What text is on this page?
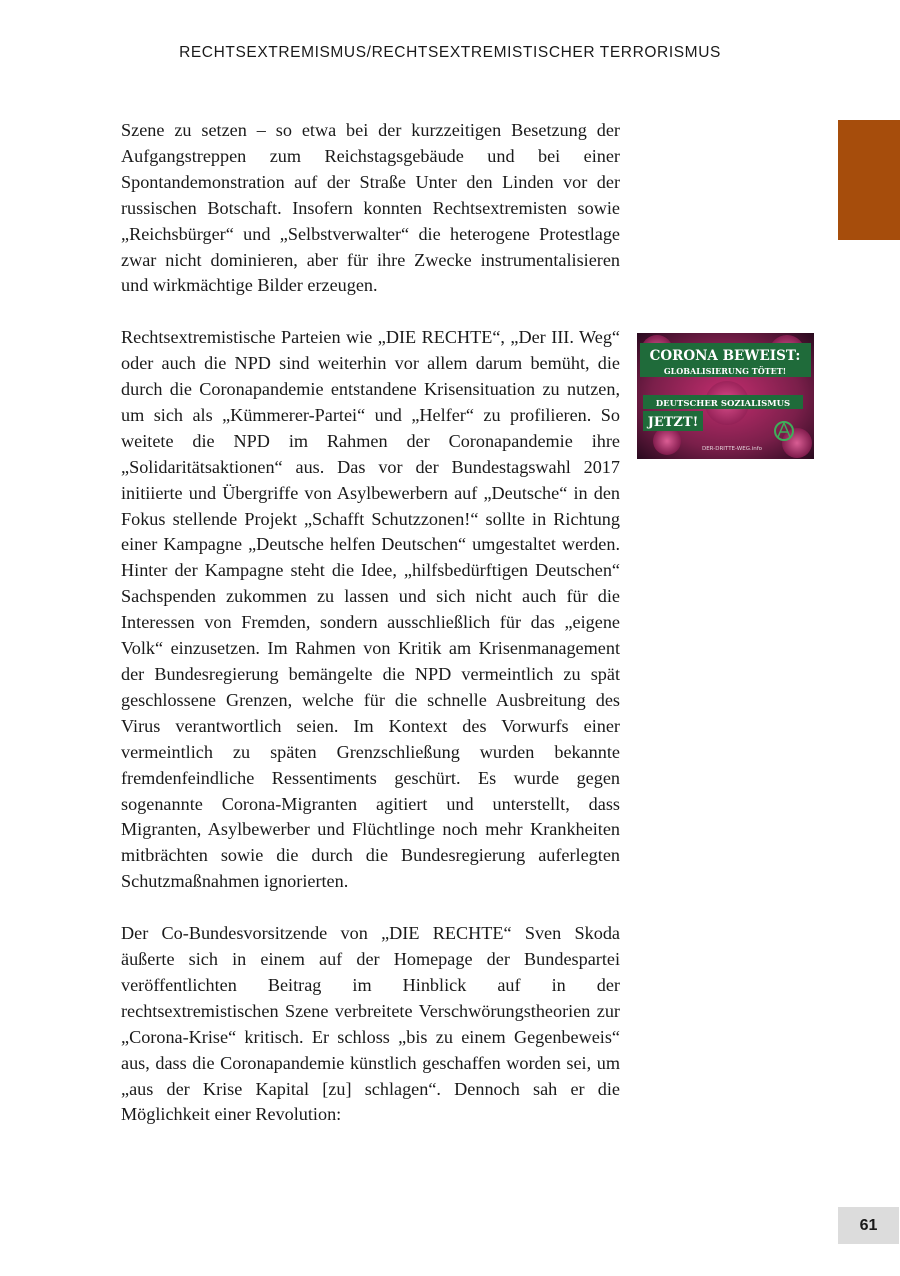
RECHTSEXTREMISMUS/RECHTSEXTREMISTISCHER TERRORISMUS

Szene zu setzen – so etwa bei der kurzzeitigen Besetzung der Aufgangstreppen zum Reichstagsgebäude und bei einer Spontandemonstration auf der Straße Unter den Linden vor der russischen Botschaft. Insofern konnten Rechtsextremisten sowie „Reichsbürger“ und „Selbstverwalter“ die heterogene Protestlage zwar nicht dominieren, aber für ihre Zwecke instrumentalisieren und wirkmächtige Bilder erzeugen.

Rechtsextremistische Parteien wie „DIE RECHTE“, „Der III. Weg“ oder auch die NPD sind weiterhin vor allem darum bemüht, die durch die Coronapandemie entstandene Krisensituation zu nutzen, um sich als „Kümmerer-Partei“ und „Helfer“ zu profilieren. So weitete die NPD im Rahmen der Coronapandemie ihre „Solidaritätsaktionen“ aus. Das vor der Bundestagswahl 2017 initiierte und Übergriffe von Asylbewerbern auf „Deutsche“ in den Fokus stellende Projekt „Schafft Schutzzonen!“ sollte in Richtung einer Kampagne „Deutsche helfen Deutschen“ umgestaltet werden. Hinter der Kampagne steht die Idee, „hilfsbedürftigen Deutschen“ Sachspenden zukommen zu lassen und sich nicht auch für die Interessen von Fremden, sondern ausschließlich für das „eigene Volk“ einzusetzen. Im Rahmen von Kritik am Krisenmanagement der Bundesregierung bemängelte die NPD vermeintlich zu spät geschlossene Grenzen, welche für die schnelle Ausbreitung des Virus verantwortlich seien. Im Kontext des Vorwurfs einer vermeintlich zu späten Grenzschließung wurden bekannte fremdenfeindliche Ressentiments geschürt. Es wurde gegen sogenannte Corona-Migranten agitiert und unterstellt, dass Migranten, Asylbewerber und Flüchtlinge noch mehr Krankheiten mitbrächten sowie die durch die Bundesregierung auferlegten Schutzmaßnahmen ignorierten.

Der Co-Bundesvorsitzende von „DIE RECHTE“ Sven Skoda äußerte sich in einem auf der Homepage der Bundespartei veröffentlichten Beitrag im Hinblick auf in der rechtsextremistischen Szene verbreitete Verschwörungstheorien zur „Corona-Krise“ kritisch. Er schloss „bis zu einem Gegenbeweis“ aus, dass die Coronapandemie künstlich geschaffen worden sei, um „aus der Krise Kapital [zu] schlagen“. Dennoch sah er die Möglichkeit einer Revolution:

CORONA BEWEIST:
GLOBALISIERUNG TÖTET!
DEUTSCHER SOZIALISMUS
JETZT!
DER-DRITTE-WEG.info
61
